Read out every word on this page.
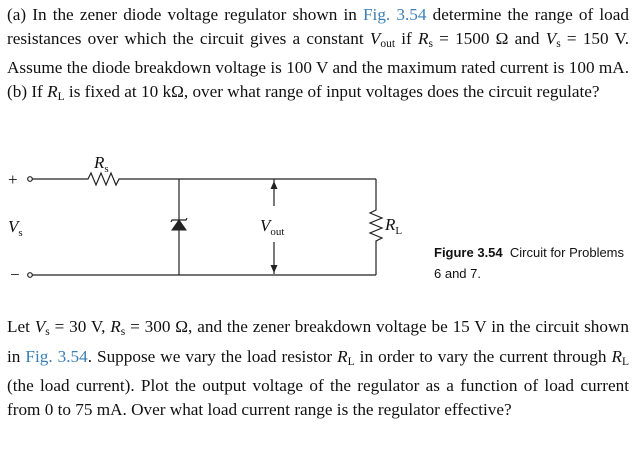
(a) In the zener diode voltage regulator shown in Fig. 3.54 determine the range of load resistances over which the circuit gives a constant $V_{out}$ if $R_s = 1500$ Ω and $V_s = 150$ V. Assume the diode breakdown voltage is 100 V and the maximum rated current is 100 mA. (b) If $R_L$ is fixed at 10 kΩ, over what range of input voltages does the circuit regulate?
$R_s$
+
−
$V_s$	$V_{out}$	$R_L$
Figure 3.54 Circuit for Problems 6 and 7.
Let $V_s = 30$ V, $R_s = 300$ Ω, and the zener breakdown voltage be 15 V in the circuit shown in Fig. 3.54. Suppose we vary the load resistor $R_L$ in order to vary the current through $R_L$ (the load current). Plot the output voltage of the regulator as a function of load current from 0 to 75 mA. Over what load current range is the regulator effective?
